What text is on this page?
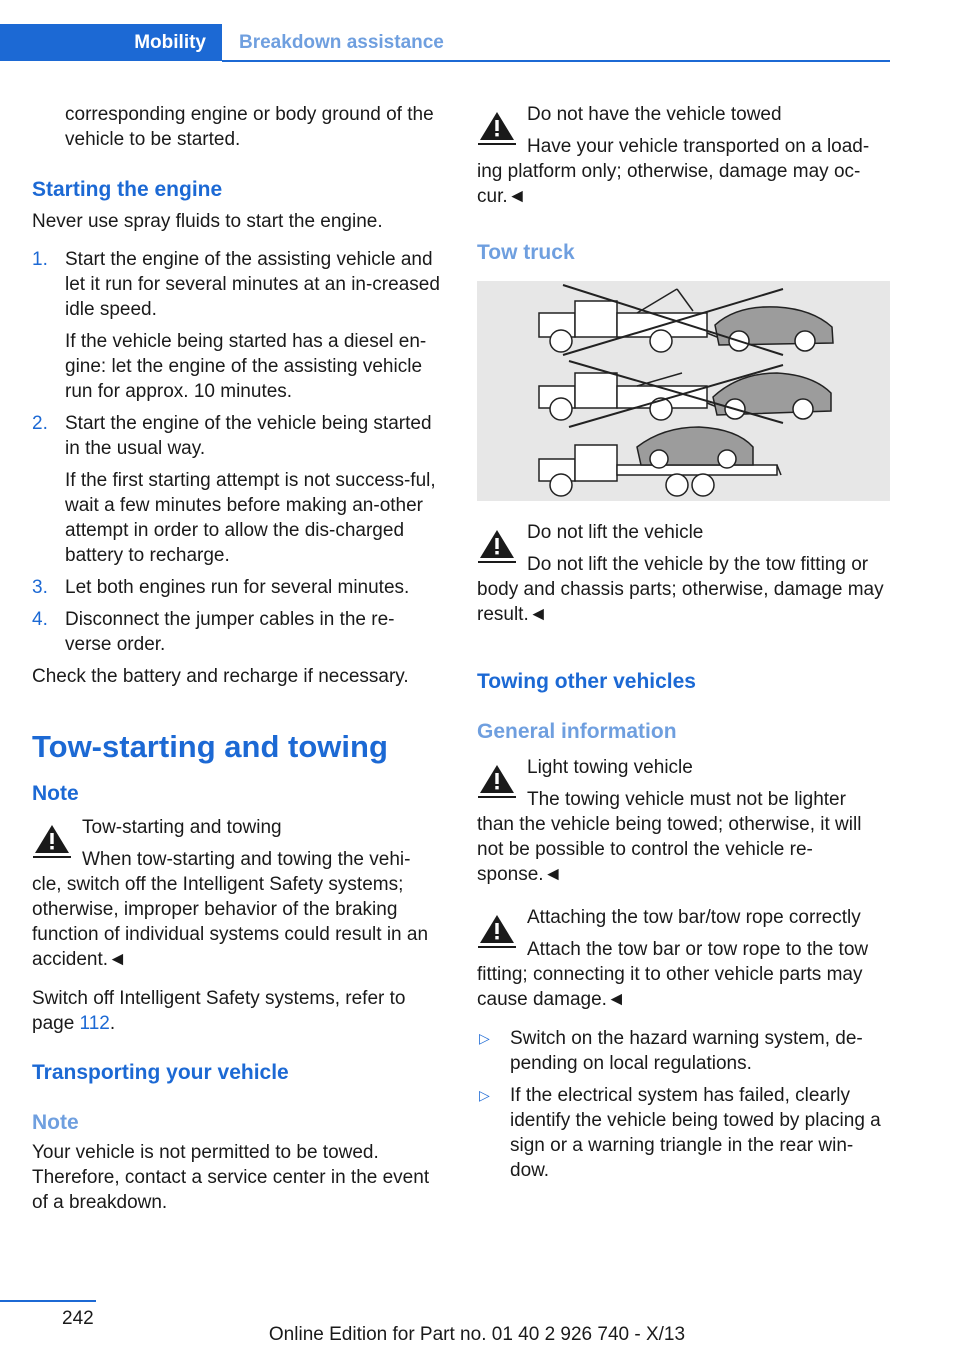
Mobility Breakdown assistance

corresponding engine or body ground of the vehicle to be started.

Starting the engine

Never use spray fluids to start the engine.

1. Start the engine of the assisting vehicle and let it run for several minutes at an in-creased idle speed.

If the vehicle being started has a diesel en-gine: let the engine of the assisting vehicle run for approx. 10 minutes.

2. Start the engine of the vehicle being started in the usual way.

If the first starting attempt is not success-ful, wait a few minutes before making an-other attempt in order to allow the dis-charged battery to recharge.

3. Let both engines run for several minutes.

4. Disconnect the jumper cables in the re-verse order.

Check the battery and recharge if necessary.

Tow-starting and towing

Note

Tow-starting and towing

When tow-starting and towing the vehi-

cle, switch off the Intelligent Safety systems; otherwise, improper behavior of the braking function of individual systems could result in an accident.◄

Switch off Intelligent Safety systems, refer to page 112.

Transporting your vehicle

Note

Your vehicle is not permitted to be towed. Therefore, contact a service center in the event of a breakdown.

Do not have the vehicle towed

Have your vehicle transported on a load-

ing platform only; otherwise, damage may oc-cur.◄

Tow truck

Do not lift the vehicle

Do not lift the vehicle by the tow fitting or

body and chassis parts; otherwise, damage may result.◄

Towing other vehicles

General information

Light towing vehicle

The towing vehicle must not be lighter

than the vehicle being towed; otherwise, it will not be possible to control the vehicle re-sponse.◄

Attaching the tow bar/tow rope correctly

Attach the tow bar or tow rope to the tow

fitting; connecting it to other vehicle parts may cause damage.◄

▷ Switch on the hazard warning system, de-pending on local regulations.

▷ If the electrical system has failed, clearly identify the vehicle being towed by placing a sign or a warning triangle in the rear win-dow.

242
Online Edition for Part no. 01 40 2 926 740 - X/13
